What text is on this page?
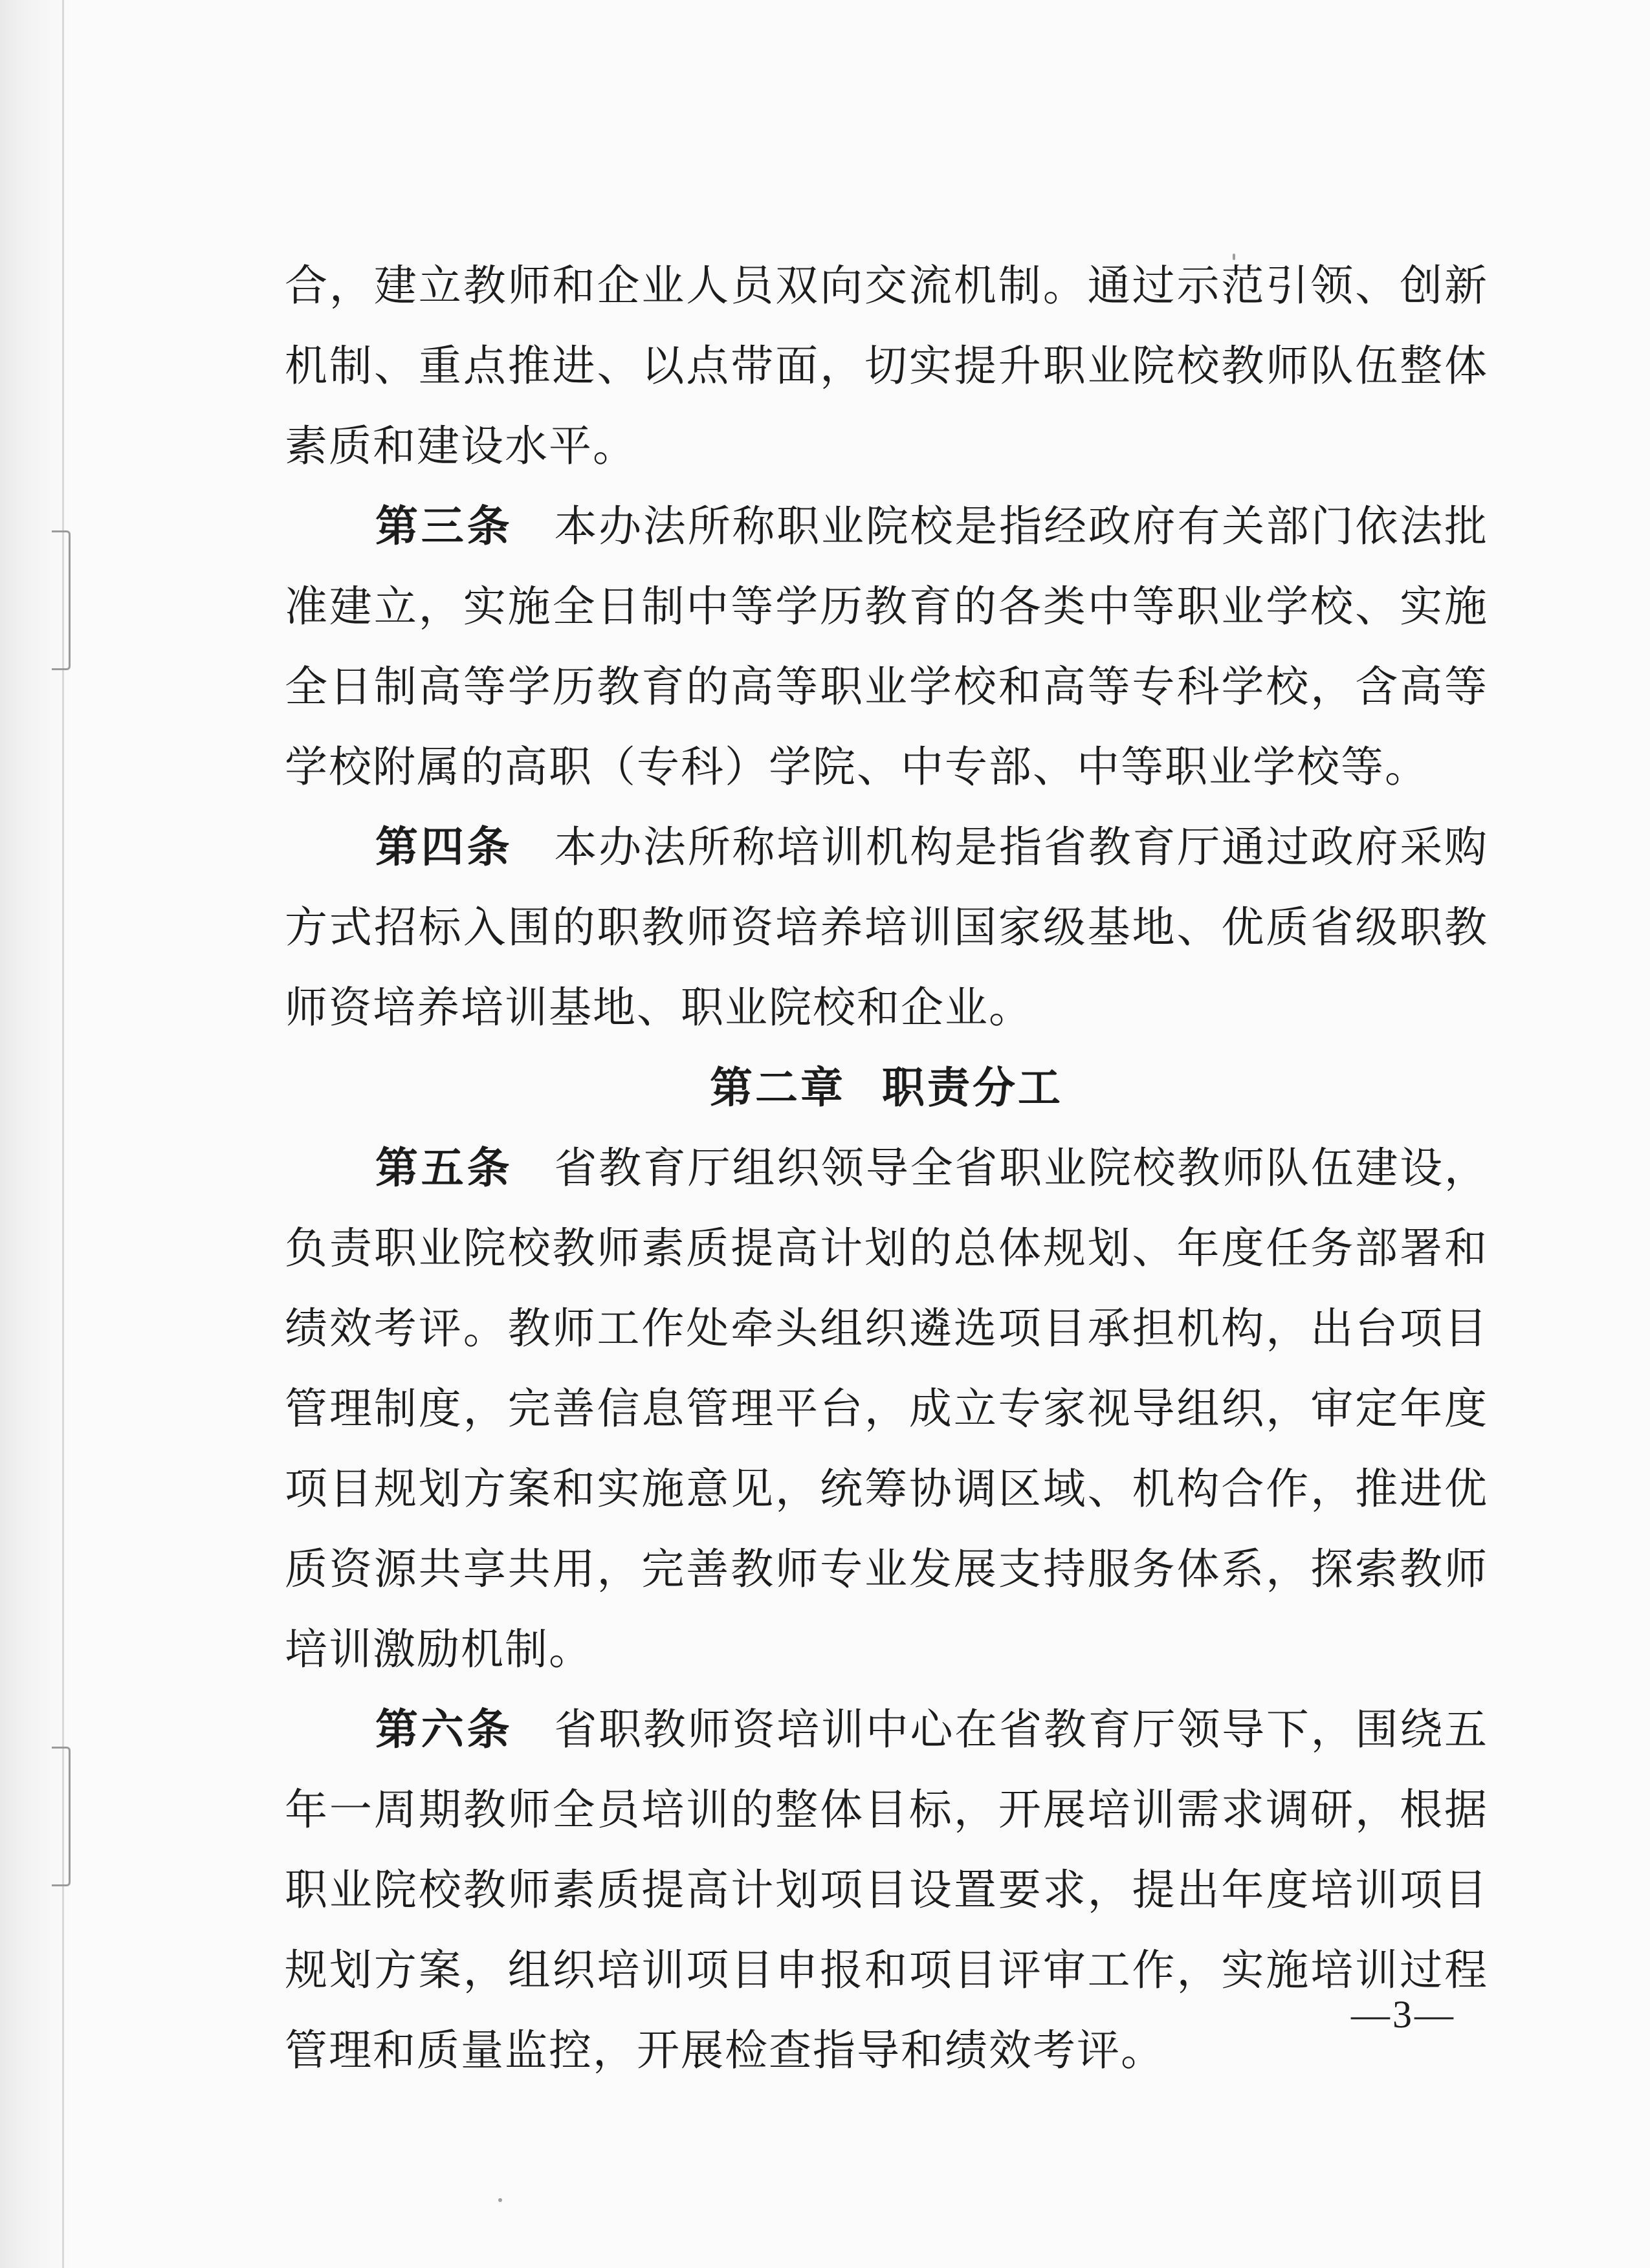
合，建立教师和企业人员双向交流机制。通过示范引领、创新机制、重点推进、以点带面，切实提升职业院校教师队伍整体素质和建设水平。

第三条 本办法所称职业院校是指经政府有关部门依法批准建立，实施全日制中等学历教育的各类中等职业学校、实施全日制高等学历教育的高等职业学校和高等专科学校，含高等学校附属的高职（专科）学院、中专部、中等职业学校等。

第四条 本办法所称培训机构是指省教育厅通过政府采购方式招标入围的职教师资培养培训国家级基地、优质省级职教师资培养培训基地、职业院校和企业。

第二章 职责分工

第五条 省教育厅组织领导全省职业院校教师队伍建设，负责职业院校教师素质提高计划的总体规划、年度任务部署和绩效考评。教师工作处牵头组织遴选项目承担机构，出台项目管理制度，完善信息管理平台，成立专家视导组织，审定年度项目规划方案和实施意见，统筹协调区域、机构合作，推进优质资源共享共用，完善教师专业发展支持服务体系，探索教师培训激励机制。

第六条 省职教师资培训中心在省教育厅领导下，围绕五年一周期教师全员培训的整体目标，开展培训需求调研，根据职业院校教师素质提高计划项目设置要求，提出年度培训项目规划方案，组织培训项目申报和项目评审工作，实施培训过程管理和质量监控，开展检查指导和绩效考评。

—3—
